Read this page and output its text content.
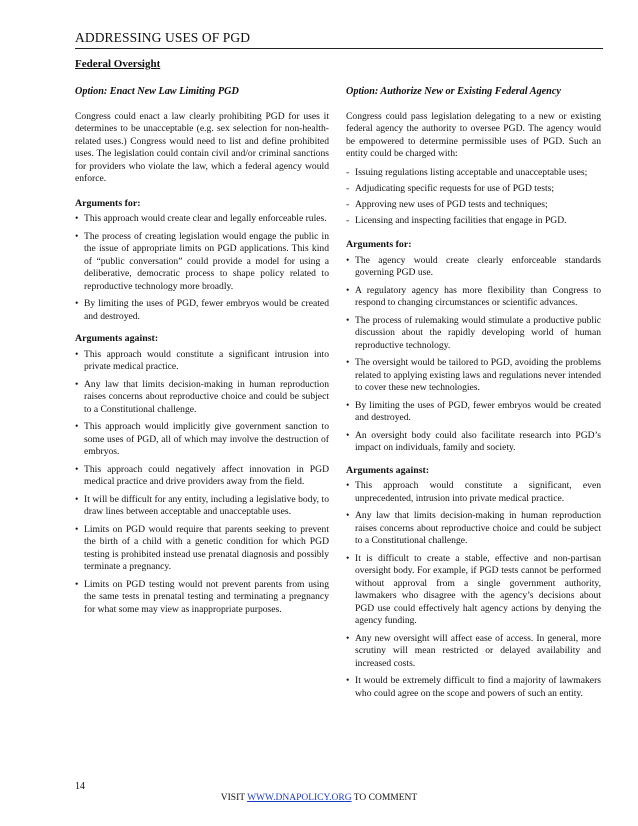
ADDRESSING USES OF PGD
Federal Oversight

Option: Enact New Law Limiting PGD

Congress could enact a law clearly prohibiting PGD for uses it determines to be unacceptable (e.g. sex selection for non-health-related uses.) Congress would need to list and define prohibited uses. The legislation could contain civil and/or criminal sanctions for providers who violate the law, which a federal agency would enforce.

Arguments for:

• This approach would create clear and legally enforceable rules.
• The process of creating legislation would engage the public in the issue of appropriate limits on PGD applications. This kind of “public conversation” could provide a model for using a deliberative, democratic process to shape policy related to reproductive technology more broadly.
• By limiting the uses of PGD, fewer embryos would be created and destroyed.

Arguments against:

• This approach would constitute a significant intrusion into private medical practice.
• Any law that limits decision-making in human reproduction raises concerns about reproductive choice and could be subject to a Constitutional challenge.
• This approach would implicitly give government sanction to some uses of PGD, all of which may involve the destruction of embryos.
• This approach could negatively affect innovation in PGD medical practice and drive providers away from the field.
• It will be difficult for any entity, including a legislative body, to draw lines between acceptable and unacceptable uses.
• Limits on PGD would require that parents seeking to prevent the birth of a child with a genetic condition for which PGD testing is prohibited instead use prenatal diagnosis and possibly terminate a pregnancy.
• Limits on PGD testing would not prevent parents from using the same tests in prenatal testing and terminating a pregnancy for what some may view as inappropriate purposes.

Option: Authorize New or Existing Federal Agency

Congress could pass legislation delegating to a new or existing federal agency the authority to oversee PGD. The agency would be empowered to determine permissible uses of PGD. Such an entity could be charged with:

- Issuing regulations listing acceptable and unacceptable uses;
- Adjudicating specific requests for use of PGD tests;
- Approving new uses of PGD tests and techniques;
- Licensing and inspecting facilities that engage in PGD.

Arguments for:

• The agency would create clearly enforceable standards governing PGD use.
• A regulatory agency has more flexibility than Congress to respond to changing circumstances or scientific advances.
• The process of rulemaking would stimulate a productive public discussion about the rapidly developing world of human reproductive technology.
• The oversight would be tailored to PGD, avoiding the problems related to applying existing laws and regulations never intended to cover these new technologies.
• By limiting the uses of PGD, fewer embryos would be created and destroyed.
• An oversight body could also facilitate research into PGD’s impact on individuals, family and society.

Arguments against:

• This approach would constitute a significant, even unprecedented, intrusion into private medical practice.
• Any law that limits decision-making in human reproduction raises concerns about reproductive choice and could be subject to a Constitutional challenge.
• It is difficult to create a stable, effective and non-partisan oversight body. For example, if PGD tests cannot be performed without approval from a single government authority, lawmakers who disagree with the agency’s decisions about PGD use could effectively halt agency actions by denying the agency funding.
• Any new oversight will affect ease of access. In general, more scrutiny will mean restricted or delayed availability and increased costs.
• It would be extremely difficult to find a majority of lawmakers who could agree on the scope and powers of such an entity.
14
VISIT WWW.DNAPOLICY.ORG TO COMMENT
